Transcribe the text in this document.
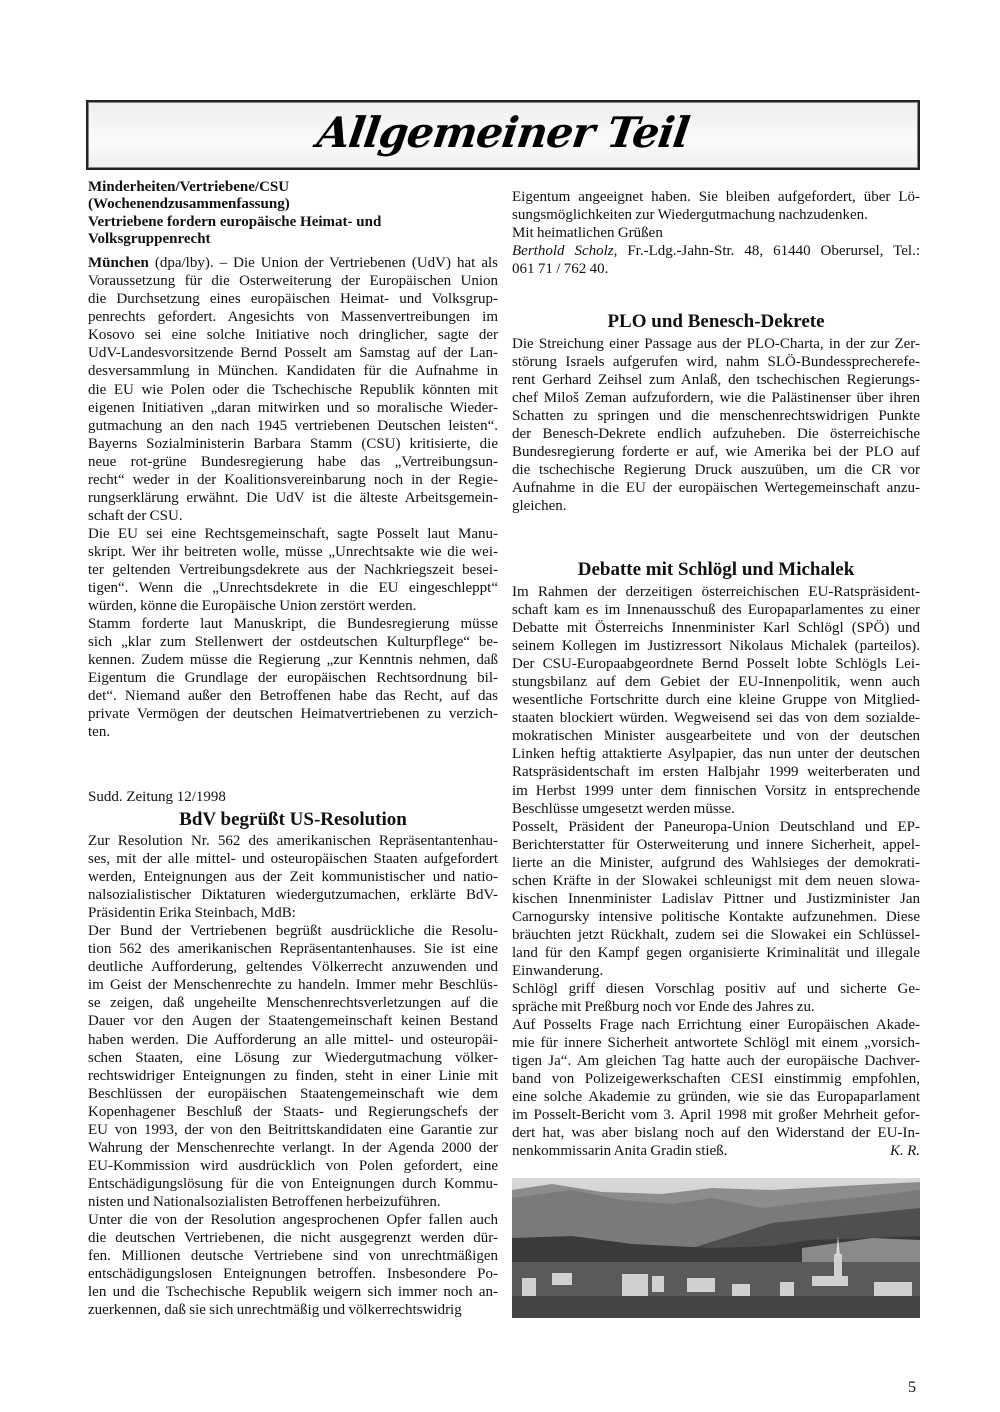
Allgemeiner Teil
Minderheiten/Vertriebene/CSU
(Wochenendzusammenfassung)
Vertriebene fordern europäische Heimat- und
Volksgruppenrecht
München (dpa/lby). – Die Union der Vertriebenen (UdV) hat als
Voraussetzung für die Osterweiterung der Europäischen Union
die Durchsetzung eines europäischen Heimat- und Volksgrup-
penrechts gefordert. Angesichts von Massenvertreibungen im
Kosovo sei eine solche Initiative noch dringlicher, sagte der
UdV-Landesvorsitzende Bernd Posselt am Samstag auf der Lan-
desversammlung in München. Kandidaten für die Aufnahme in
die EU wie Polen oder die Tschechische Republik könnten mit
eigenen Initiativen „daran mitwirken und so moralische Wieder-
gutmachung an den nach 1945 vertriebenen Deutschen leisten“.
Bayerns Sozialministerin Barbara Stamm (CSU) kritisierte, die
neue rot-grüne Bundesregierung habe das „Vertreibungsun-
recht“ weder in der Koalitionsvereinbarung noch in der Regie-
rungserklärung erwähnt. Die UdV ist die älteste Arbeitsgemein-
schaft der CSU.
Die EU sei eine Rechtsgemeinschaft, sagte Posselt laut Manu-
skript. Wer ihr beitreten wolle, müsse „Unrechtsakte wie die wei-
ter geltenden Vertreibungsdekrete aus der Nachkriegszeit besei-
tigen“. Wenn die „Unrechtsdekrete in die EU eingeschleppt“
würden, könne die Europäische Union zerstört werden.
Stamm forderte laut Manuskript, die Bundesregierung müsse
sich „klar zum Stellenwert der ostdeutschen Kulturpflege“ be-
kennen. Zudem müsse die Regierung „zur Kenntnis nehmen, daß
Eigentum die Grundlage der europäischen Rechtsordnung bil-
det“. Niemand außer den Betroffenen habe das Recht, auf das
private Vermögen der deutschen Heimatvertriebenen zu verzich-
ten.
Sudd. Zeitung 12/1998
BdV begrüßt US-Resolution
Zur Resolution Nr. 562 des amerikanischen Repräsentantenhau-
ses, mit der alle mittel- und osteuropäischen Staaten aufgefordert
werden, Enteignungen aus der Zeit kommunistischer und natio-
nalsozialistischer Diktaturen wiedergutzumachen, erklärte BdV-
Präsidentin Erika Steinbach, MdB:
Der Bund der Vertriebenen begrüßt ausdrückliche die Resolu-
tion 562 des amerikanischen Repräsentantenhauses. Sie ist eine
deutliche Aufforderung, geltendes Völkerrecht anzuwenden und
im Geist der Menschenrechte zu handeln. Immer mehr Beschlüs-
se zeigen, daß ungeheilte Menschenrechtsverletzungen auf die
Dauer vor den Augen der Staatengemeinschaft keinen Bestand
haben werden. Die Aufforderung an alle mittel- und osteuropäi-
schen Staaten, eine Lösung zur Wiedergutmachung völker-
rechtswidriger Enteignungen zu finden, steht in einer Linie mit
Beschlüssen der europäischen Staatengemeinschaft wie dem
Kopenhagener Beschluß der Staats- und Regierungschefs der
EU von 1993, der von den Beitrittskandidaten eine Garantie zur
Wahrung der Menschenrechte verlangt. In der Agenda 2000 der
EU-Kommission wird ausdrücklich von Polen gefordert, eine
Entschädigungslösung für die von Enteignungen durch Kommu-
nisten und Nationalsozialisten Betroffenen herbeizuführen.
Unter die von der Resolution angesprochenen Opfer fallen auch
die deutschen Vertriebenen, die nicht ausgegrenzt werden dür-
fen. Millionen deutsche Vertriebene sind von unrechtmäßigen
entschädigungslosen Enteignungen betroffen. Insbesondere Po-
len und die Tschechische Republik weigern sich immer noch an-
zuerkennen, daß sie sich unrechtmäßig und völkerrechtswidrig
Eigentum angeeignet haben. Sie bleiben aufgefordert, über Lö-
sungsmöglichkeiten zur Wiedergutmachung nachzudenken.
Mit heimatlichen Grüßen
Berthold Scholz, Fr.-Ldg.-Jahn-Str. 48, 61440 Oberursel, Tel.:
061 71 / 762 40.
PLO und Benesch-Dekrete
Die Streichung einer Passage aus der PLO-Charta, in der zur Zer-
störung Israels aufgerufen wird, nahm SLÖ-Bundessprecherefe-
rent Gerhard Zeihsel zum Anlaß, den tschechischen Regierungs-
chef Miloš Zeman aufzufordern, wie die Palästinenser über ihren
Schatten zu springen und die menschenrechtswidrigen Punkte
der Benesch-Dekrete endlich aufzuheben. Die österreichische
Bundesregierung forderte er auf, wie Amerika bei der PLO auf
die tschechische Regierung Druck auszuüben, um die CR vor
Aufnahme in die EU der europäischen Wertegemeinschaft anzu-
gleichen.
Debatte mit Schlögl und Michalek
Im Rahmen der derzeitigen österreichischen EU-Ratspräsident-
schaft kam es im Innenausschuß des Europaparlamentes zu einer
Debatte mit Österreichs Innenminister Karl Schlögl (SPÖ) und
seinem Kollegen im Justizressort Nikolaus Michalek (parteilos).
Der CSU-Europaabgeordnete Bernd Posselt lobte Schlögls Lei-
stungsbilanz auf dem Gebiet der EU-Innenpolitik, wenn auch
wesentliche Fortschritte durch eine kleine Gruppe von Mitglied-
staaten blockiert würden. Wegweisend sei das von dem sozialde-
mokratischen Minister ausgearbeitete und von der deutschen
Linken heftig attaktierte Asylpapier, das nun unter der deutschen
Ratspräsidentschaft im ersten Halbjahr 1999 weiterberaten und
im Herbst 1999 unter dem finnischen Vorsitz in entsprechende
Beschlüsse umgesetzt werden müsse.
Posselt, Präsident der Paneuropa-Union Deutschland und EP-
Berichterstatter für Osterweiterung und innere Sicherheit, appel-
lierte an die Minister, aufgrund des Wahlsieges der demokrati-
schen Kräfte in der Slowakei schleunigst mit dem neuen slowa-
kischen Innenminister Ladislav Pittner und Justizminister Jan
Carnogursky intensive politische Kontakte aufzunehmen. Diese
bräuchten jetzt Rückhalt, zudem sei die Slowakei ein Schlüssel-
land für den Kampf gegen organisierte Kriminalität und illegale
Einwanderung.
Schlögl griff diesen Vorschlag positiv auf und sicherte Ge-
spräche mit Preßburg noch vor Ende des Jahres zu.
Auf Posselts Frage nach Errichtung einer Europäischen Akade-
mie für innere Sicherheit antwortete Schlögl mit einem „vorsich-
tigen Ja“. Am gleichen Tag hatte auch der europäische Dachver-
band von Polizeigewerkschaften CESI einstimmig empfohlen,
eine solche Akademie zu gründen, wie sie das Europaparlament
im Posselt-Bericht vom 3. April 1998 mit großer Mehrheit gefor-
dert hat, was aber bislang noch auf den Widerstand der EU-In-
nenkommissarin Anita Gradin stieß.	K. R.
5
